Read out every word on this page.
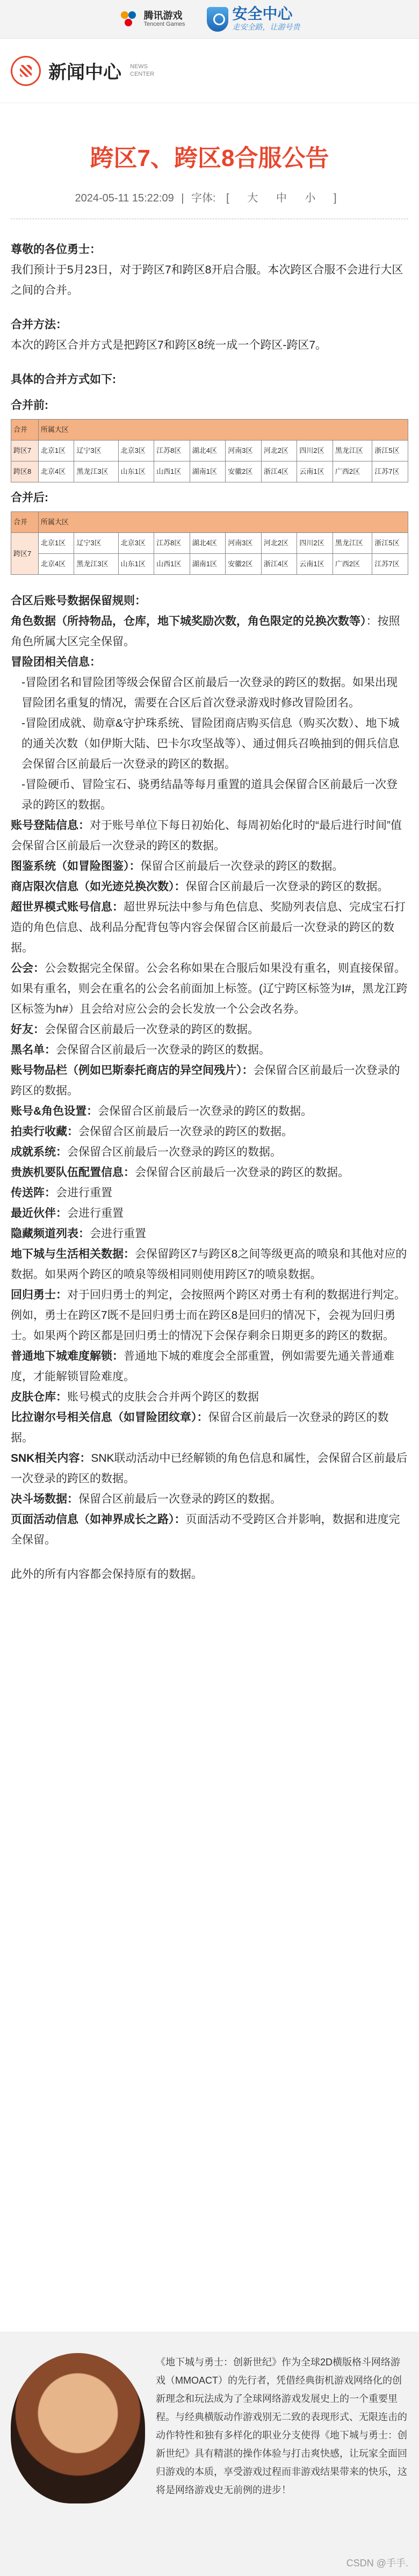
腾讯游戏
Tencent Games
安全中心
走安全路，让游号贵
新闻中心 NEWS CENTER
跨区7、跨区8合服公告
2024-05-11 15:22:09 | 字体: [ 大 中 小 ]

尊敬的各位勇士：

我们预计于5月23日，对于跨区7和跨区8开启合服。本次跨区合服不会进行大区之间的合并。

合并方法：

本次的跨区合并方式是把跨区7和跨区8统一成一个跨区-跨区7。

具体的合并方式如下:

合并前:

合并	所属大区									
跨区7	北京1区	辽宁3区	北京3区	江苏8区	湖北4区	河南3区	河北2区	四川2区	黑龙江区	浙江5区
跨区8	北京4区	黑龙江3区	山东1区	山西1区	湖南1区	安徽2区	浙江4区	云南1区	广西2区	江苏7区

合并后:

合并	所属大区									
跨区7	北京1区	辽宁3区	北京3区	江苏8区	湖北4区	河南3区	河北2区	四川2区	黑龙江区	浙江5区
	北京4区	黑龙江3区	山东1区	山西1区	湖南1区	安徽2区	浙江4区	云南1区	广西2区	江苏7区

合区后账号数据保留规则：

角色数据（所持物品，仓库，地下城奖励次数，角色限定的兑换次数等）：按照角色所属大区完全保留。

冒险团相关信息：

-冒险团名和冒险团等级会保留合区前最后一次登录的跨区的数据。如果出现冒险团名重复的情况，需要在合区后首次登录游戏时修改冒险团名。

-冒险团成就、勋章&守护珠系统、冒险团商店购买信息（购买次数）、地下城的通关次数（如伊斯大陆、巴卡尔攻坚战等）、通过佣兵召唤抽到的佣兵信息会保留合区前最后一次登录的跨区的数据。

-冒险硬币、冒险宝石、骁勇结晶等每月重置的道具会保留合区前最后一次登录的跨区的数据。

账号登陆信息：对于账号单位下每日初始化、每周初始化时的“最后进行时间”值会保留合区前最后一次登录的跨区的数据。

图鉴系统（如冒险图鉴）：保留合区前最后一次登录的跨区的数据。

商店限次信息（如光迹兑换次数）：保留合区前最后一次登录的跨区的数据。

超世界模式账号信息：超世界玩法中参与角色信息、奖励列表信息、完成宝石打造的角色信息、战利品分配背包等内容会保留合区前最后一次登录的跨区的数据。

公会：公会数据完全保留。公会名称如果在合服后如果没有重名，则直接保留。如果有重名，则会在重名的公会名前面加上标签。(辽宁跨区标签为I#，黑龙江跨区标签为h#）且会给对应公会的会长发放一个公会改名券。

好友：会保留合区前最后一次登录的跨区的数据。

黑名单：会保留合区前最后一次登录的跨区的数据。

账号物品栏（例如巴斯泰托商店的异空间残片）：会保留合区前最后一次登录的跨区的数据。

账号&角色设置：会保留合区前最后一次登录的跨区的数据。

拍卖行收藏：会保留合区前最后一次登录的跨区的数据。

成就系统：会保留合区前最后一次登录的跨区的数据。

贵族机要队伍配置信息：会保留合区前最后一次登录的跨区的数据。

传送阵：会进行重置

最近伙伴：会进行重置

隐藏频道列表：会进行重置

地下城与生活相关数据：会保留跨区7与跨区8之间等级更高的喷泉和其他对应的数据。如果两个跨区的喷泉等级相同则使用跨区7的喷泉数据。

回归勇士：对于回归勇士的判定，会按照两个跨区对勇士有利的数据进行判定。例如，勇士在跨区7既不是回归勇士而在跨区8是回归的情况下，会视为回归勇士。如果两个跨区都是回归勇士的情况下会保存剩余日期更多的跨区的数据。

普通地下城难度解锁：普通地下城的难度会全部重置，例如需要先通关普通难度，才能解锁冒险难度。

皮肤仓库：账号模式的皮肤会合并两个跨区的数据

比拉谢尔号相关信息（如冒险团纹章）：保留合区前最后一次登录的跨区的数据。

SNK相关内容：SNK联动活动中已经解锁的角色信息和属性，会保留合区前最后一次登录的跨区的数据。

决斗场数据：保留合区前最后一次登录的跨区的数据。

页面活动信息（如神界成长之路）：页面活动不受跨区合并影响，数据和进度完全保留。

此外的所有内容都会保持原有的数据。

《地下城与勇士：创新世纪》作为全球2D横版格斗网络游戏（MMOACT）的先行者，凭借经典街机游戏网络化的创新理念和玩法成为了全球网络游戏发展史上的一个重要里程。与经典横版动作游戏别无二致的表现形式、无限连击的动作特性和独有多样化的职业分支使得《地下城与勇士：创新世纪》具有精湛的操作体验与打击爽快感，让玩家全面回归游戏的本质，享受游戏过程而非游戏结果带来的快乐，这将是网络游戏史无前例的进步！

CSDN @手手.
